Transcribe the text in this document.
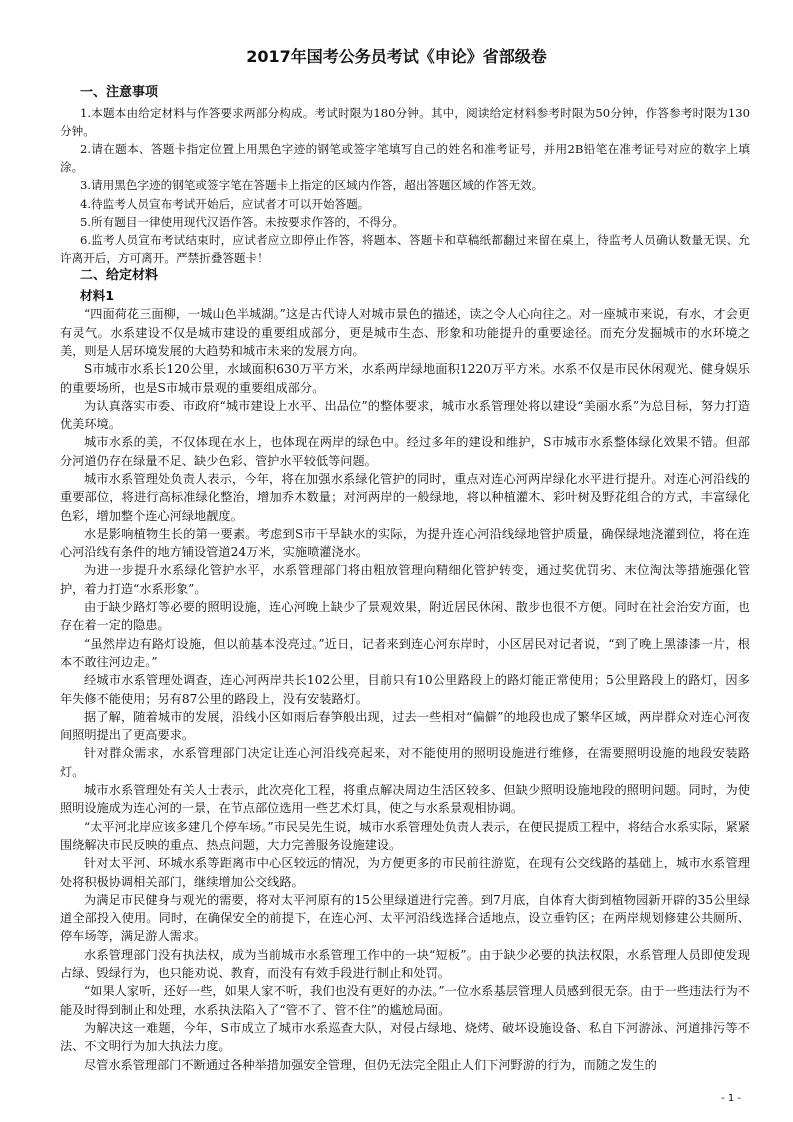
2017年国考公务员考试《申论》省部级卷
一、注意事项

1.本题本由给定材料与作答要求两部分构成。考试时限为180分钟。其中，阅读给定材料参考时限为50分钟，作答参考时限为130分钟。

2.请在题本、答题卡指定位置上用黑色字迹的钢笔或签字笔填写自己的姓名和准考证号，并用2B铅笔在准考证号对应的数字上填涂。

3.请用黑色字迹的钢笔或签字笔在答题卡上指定的区域内作答，超出答题区域的作答无效。

4.待监考人员宣布考试开始后，应试者才可以开始答题。

5.所有题目一律使用现代汉语作答。未按要求作答的，不得分。

6.监考人员宣布考试结束时，应试者应立即停止作答，将题本、答题卡和草稿纸都翻过来留在桌上，待监考人员确认数量无误、允许离开后，方可离开。严禁折叠答题卡！

二、给定材料
材料1

“四面荷花三面柳，一城山色半城湖。”这是古代诗人对城市景色的描述，读之令人心向往之。对一座城市来说，有水，才会更有灵气。水系建设不仅是城市建设的重要组成部分，更是城市生态、形象和功能提升的重要途径。而充分发掘城市的水环境之美，则是人居环境发展的大趋势和城市未来的发展方向。

S市城市水系长120公里，水域面积630万平方米，水系两岸绿地面积1220万平方米。水系不仅是市民休闲观光、健身娱乐的重要场所，也是S市城市景观的重要组成部分。

为认真落实市委、市政府“城市建设上水平、出品位”的整体要求，城市水系管理处将以建设“美丽水系”为总目标，努力打造优美环境。

城市水系的美，不仅体现在水上，也体现在两岸的绿色中。经过多年的建设和维护，S市城市水系整体绿化效果不错。但部分河道仍存在绿量不足、缺少色彩、管护水平较低等问题。

城市水系管理处负责人表示，今年，将在加强水系绿化管护的同时，重点对连心河两岸绿化水平进行提升。对连心河沿线的重要部位，将进行高标准绿化整治，增加乔木数量；对河两岸的一般绿地，将以种植灌木、彩叶树及野花组合的方式，丰富绿化色彩，增加整个连心河绿地靓度。

水是影响植物生长的第一要素。考虑到S市干旱缺水的实际，为提升连心河沿线绿地管护质量，确保绿地浇灌到位，将在连心河沿线有条件的地方铺设管道24万米，实施喷灌浇水。

为进一步提升水系绿化管护水平，水系管理部门将由粗放管理向精细化管护转变，通过奖优罚劣、末位淘汰等措施强化管护，着力打造“水系形象”。

由于缺少路灯等必要的照明设施，连心河晚上缺少了景观效果，附近居民休闲、散步也很不方便。同时在社会治安方面，也存在着一定的隐患。

“虽然岸边有路灯设施，但以前基本没亮过。”近日，记者来到连心河东岸时，小区居民对记者说，“到了晚上黑漆漆一片，根本不敢往河边走。”

经城市水系管理处调查，连心河两岸共长102公里，目前只有10公里路段上的路灯能正常使用；5公里路段上的路灯，因多年失修不能使用；另有87公里的路段上，没有安装路灯。

据了解，随着城市的发展，沿线小区如雨后春笋般出现，过去一些相对“偏僻”的地段也成了繁华区域，两岸群众对连心河夜间照明提出了更高要求。

针对群众需求，水系管理部门决定让连心河沿线亮起来，对不能使用的照明设施进行维修，在需要照明设施的地段安装路灯。

城市水系管理处有关人士表示，此次亮化工程，将重点解决周边生活区较多、但缺少照明设施地段的照明问题。同时，为使照明设施成为连心河的一景，在节点部位选用一些艺术灯具，使之与水系景观相协调。

“太平河北岸应该多建几个停车场。”市民吴先生说，城市水系管理处负责人表示，在便民提质工程中，将结合水系实际，紧紧围绕解决市民反映的重点、热点问题，大力完善服务设施建设。

针对太平河、环城水系等距离市中心区较远的情况，为方便更多的市民前往游览，在现有公交线路的基础上，城市水系管理处将积极协调相关部门，继续增加公交线路。

为满足市民健身与观光的需要，将对太平河原有的15公里绿道进行完善。到7月底，自体育大街到植物园新开辟的35公里绿道全部投入使用。同时，在确保安全的前提下，在连心河、太平河沿线选择合适地点，设立垂钓区；在两岸规划修建公共厕所、停车场等，满足游人需求。

水系管理部门没有执法权，成为当前城市水系管理工作中的一块“短板”。由于缺少必要的执法权限，水系管理人员即使发现占绿、毁绿行为，也只能劝说、教育，而没有有效手段进行制止和处罚。

“如果人家听，还好一些，如果人家不听，我们也没有更好的办法。”一位水系基层管理人员感到很无奈。由于一些违法行为不能及时得到制止和处理，水系执法陷入了“管不了、管不住”的尴尬局面。

为解决这一难题，今年，S市成立了城市水系巡查大队，对侵占绿地、烧烤、破坏设施设备、私自下河游泳、河道排污等不法、不文明行为加大执法力度。

尽管水系管理部门不断通过各种举措加强安全管理，但仍无法完全阻止人们下河野游的行为，而随之发生的

- 1 -
